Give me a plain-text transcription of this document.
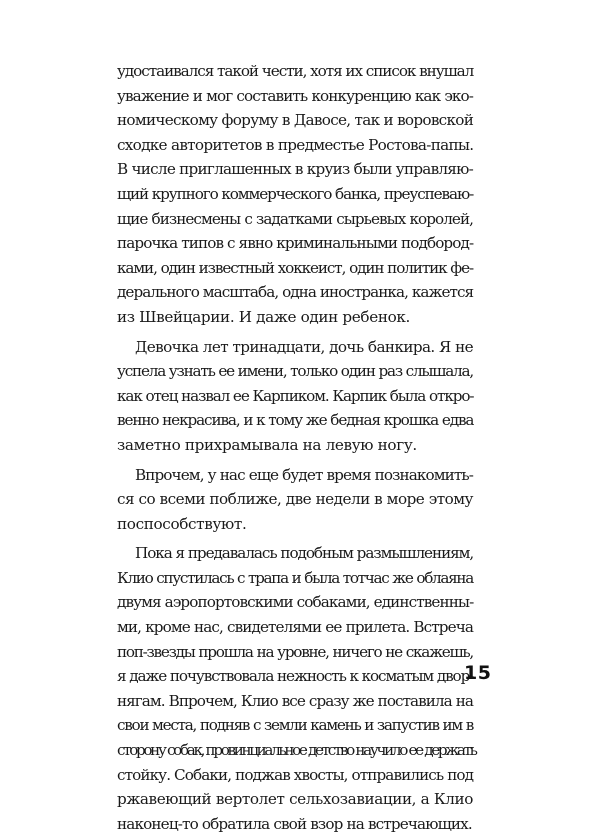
удостаивался такой чести, хотя их список внушал
уважение и мог составить конкуренцию как эко-
номическому форуму в Давосе, так и воровской
сходке авторитетов в предместье Ростова-папы.
В числе приглашенных в круиз были управляю-
щий крупного коммерческого банка, преуспеваю-
щие бизнесмены с задатками сырьевых королей,
парочка типов с явно криминальными подбород-
ками, один известный хоккеист, один политик фе-
дерального масштаба, одна иностранка, кажется
из Швейцарии. И даже один ребенок.
Девочка лет тринадцати, дочь банкира. Я не
успела узнать ее имени, только один раз слышала,
как отец назвал ее Карпиком. Карпик была откро-
венно некрасива, и к тому же бедная крошка едва
заметно прихрамывала на левую ногу.
Впрочем, у нас еще будет время познакомить-
ся со всеми поближе, две недели в море этому
поспособствуют.
Пока я предавалась подобным размышлениям,
Клио спустилась с трапа и была тотчас же облаяна
двумя аэропортовскими собаками, единственны-
ми, кроме нас, свидетелями ее прилета. Встреча
поп-звезды прошла на уровне, ничего не скажешь,
я даже почувствовала нежность к косматым двор-
нягам. Впрочем, Клио все сразу же поставила на
свои места, подняв с земли камень и запустив им в
сторону собак, провинциальное детство научило ее держать
стойку. Собаки, поджав хвосты, отправились под
ржавеющий вертолет сельхозавиации, а Клио
наконец-то обратила свой взор на встречающих.
15
